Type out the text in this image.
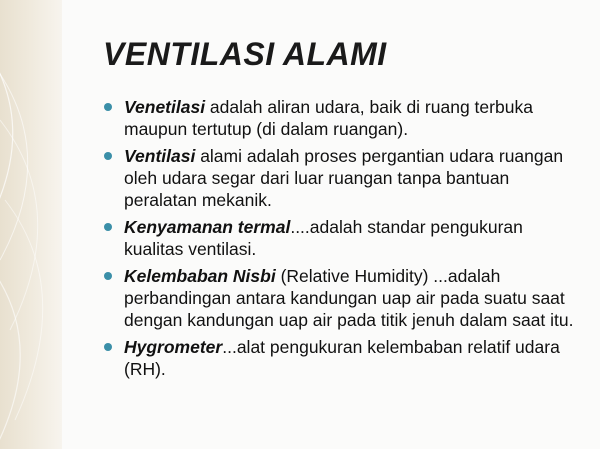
VENTILASI ALAMI
Venetilasi adalah aliran udara, baik di ruang terbuka maupun tertutup (di dalam ruangan).
Ventilasi alami adalah proses pergantian udara ruangan oleh udara segar dari luar ruangan tanpa bantuan peralatan mekanik.
Kenyamanan termal....adalah standar pengukuran kualitas ventilasi.
Kelembaban Nisbi (Relative Humidity) ...adalah perbandingan antara kandungan uap air pada suatu saat dengan kandungan uap air pada titik jenuh dalam saat itu.
Hygrometer...alat pengukuran kelembaban relatif udara (RH).
